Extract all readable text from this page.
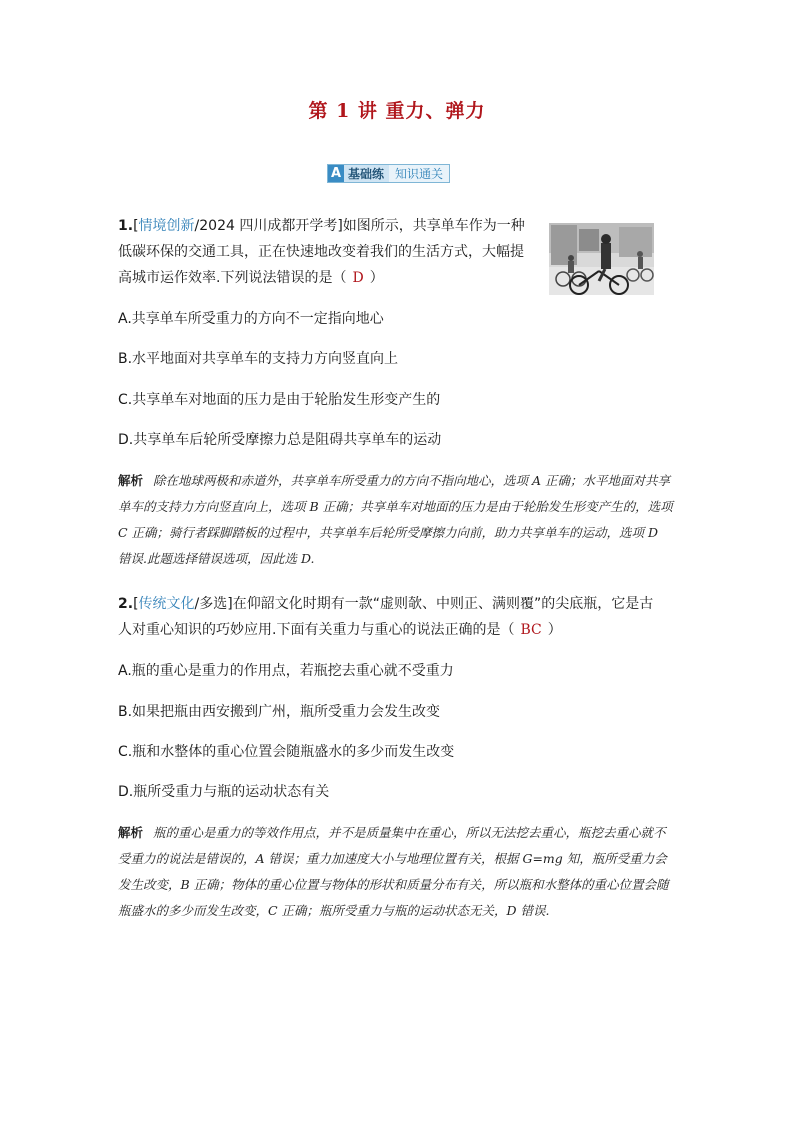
第 1 讲 重力、弹力
A 基础练 知识通关
1.[情境创新/2024 四川成都开学考]如图所示，共享单车作为一种低碳环保的交通工具，正在快速地改变着我们的生活方式，大幅提高城市运作效率.下列说法错误的是（ D ）
A.共享单车所受重力的方向不一定指向地心
B.水平地面对共享单车的支持力方向竖直向上
C.共享单车对地面的压力是由于轮胎发生形变产生的
D.共享单车后轮所受摩擦力总是阻碍共享单车的运动
解析 除在地球两极和赤道外，共享单车所受重力的方向不指向地心，选项 A 正确；水平地面对共享单车的支持力方向竖直向上，选项 B 正确；共享单车对地面的压力是由于轮胎发生形变产生的，选项 C 正确；骑行者踩脚踏板的过程中，共享单车后轮所受摩擦力向前，助力共享单车的运动，选项 D 错误.此题选择错误选项，因此选 D.
2.[传统文化/多选]在仰韶文化时期有一款“虚则欹、中则正、满则覆”的尖底瓶，它是古人对重心知识的巧妙应用.下面有关重力与重心的说法正确的是（ BC ）
A.瓶的重心是重力的作用点，若瓶挖去重心就不受重力
B.如果把瓶由西安搬到广州，瓶所受重力会发生改变
C.瓶和水整体的重心位置会随瓶盛水的多少而发生改变
D.瓶所受重力与瓶的运动状态有关
解析 瓶的重心是重力的等效作用点，并不是质量集中在重心，所以无法挖去重心，瓶挖去重心就不受重力的说法是错误的，A 错误；重力加速度大小与地理位置有关，根据 G=mg 知，瓶所受重力会发生改变，B 正确；物体的重心位置与物体的形状和质量分布有关，所以瓶和水整体的重心位置会随瓶盛水的多少而发生改变，C 正确；瓶所受重力与瓶的运动状态无关，D 错误.
